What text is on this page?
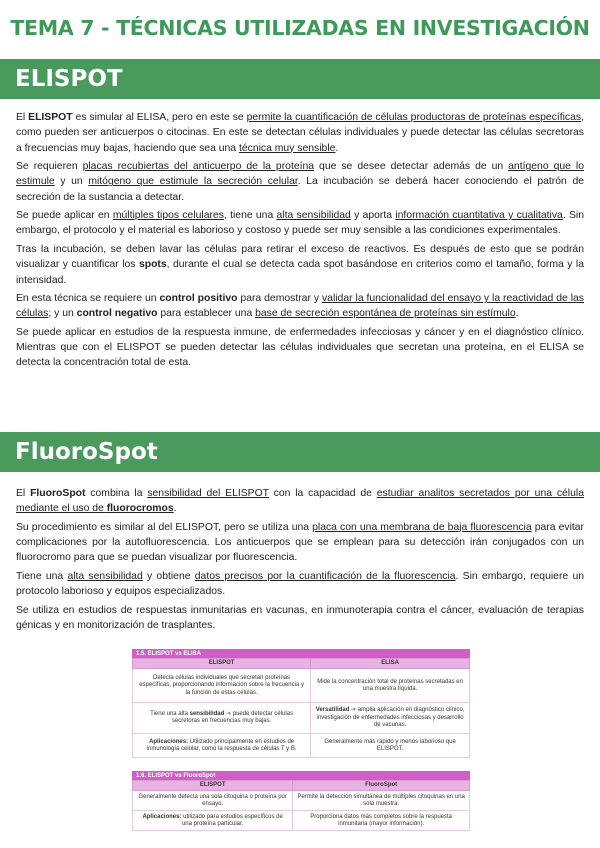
TEMA 7 - TÉCNICAS UTILIZADAS EN INVESTIGACIÓN
ELISPOT

El ELISPOT es simular al ELISA, pero en este se permite la cuantificación de células productoras de proteínas específicas, como pueden ser anticuerpos o citocinas. En este se detectan células individuales y puede detectar las células secretoras a frecuencias muy bajas, haciendo que sea una técnica muy sensible.

Se requieren placas recubiertas del anticuerpo de la proteína que se desee detectar además de un antígeno que lo estimule y un mitógeno que estimule la secreción celular. La incubación se deberá hacer conociendo el patrón de secreción de la sustancia a detectar.

Se puede aplicar en múltiples tipos celulares, tiene una alta sensibilidad y aporta información cuantitativa y cualitativa. Sin embargo, el protocolo y el material es laborioso y costoso y puede ser muy sensible a las condiciones experimentales.

Tras la incubación, se deben lavar las células para retirar el exceso de reactivos. Es después de esto que se podrán visualizar y cuantificar los spots, durante el cual se detecta cada spot basándose en criterios como el tamaño, forma y la intensidad.

En esta técnica se requiere un control positivo para demostrar y validar la funcionalidad del ensayo y la reactividad de las células; y un control negativo para establecer una base de secreción espontánea de proteínas sin estímulo.

Se puede aplicar en estudios de la respuesta inmune, de enfermedades infecciosas y cáncer y en el diagnóstico clínico. Mientras que con el ELISPOT se pueden detectar las células individuales que secretan una proteína, en el ELISA se detecta la concentración total de esta.

FluoroSpot

El FluoroSpot combina la sensibilidad del ELISPOT con la capacidad de estudiar analitos secretados por una célula mediante el uso de fluorocromos.

Su procedimiento es similar al del ELISPOT, pero se utiliza una placa con una membrana de baja fluorescencia para evitar complicaciones por la autofluorescencia. Los anticuerpos que se emplean para su detección irán conjugados con un fluorocromo para que se puedan visualizar por fluorescencia.

Tiene una alta sensibilidad y obtiene datos precisos por la cuantificación de la fluorescencia. Sin embargo, requiere un protocolo laborioso y equipos especializados.

Se utiliza en estudios de respuestas inmunitarias en vacunas, en inmunoterapia contra el cáncer, evaluación de terapias génicas y en monitorización de trasplantes.

1.5. ELISPOT vs ELISA
ELISPOT	ELISA
Detecta células individuales que secretan proteínas específicas, proporcionando información sobre la frecuencia y la función de estas células.	Mide la concentración total de proteínas secretadas en una muestra líquida.
Tiene una alta sensibilidad ➔ puede detectar células secretoras en frecuencias muy bajas.	Versatilidad ➔ amplia aplicación en diagnóstico clínico, investigación de enfermedades infecciosas y desarrollo de vacunas.
Aplicaciones: Utilizado principalmente en estudios de inmunología celular, como la respuesta de células T y B.	Generalmente más rápido y menos laborioso que ELISPOT.
1.6. ELISPOT vs FluoroSpot
ELISPOT	FluoroSpot
Generalmente detecta una sola citoquina o proteína por ensayo.	Permite la detección simultánea de múltiples citoquinas en una sola muestra.
Aplicaciones: utilizado para estudios específicos de una proteína particular.	Proporciona datos más completos sobre la respuesta inmunitaria (mayor información).
